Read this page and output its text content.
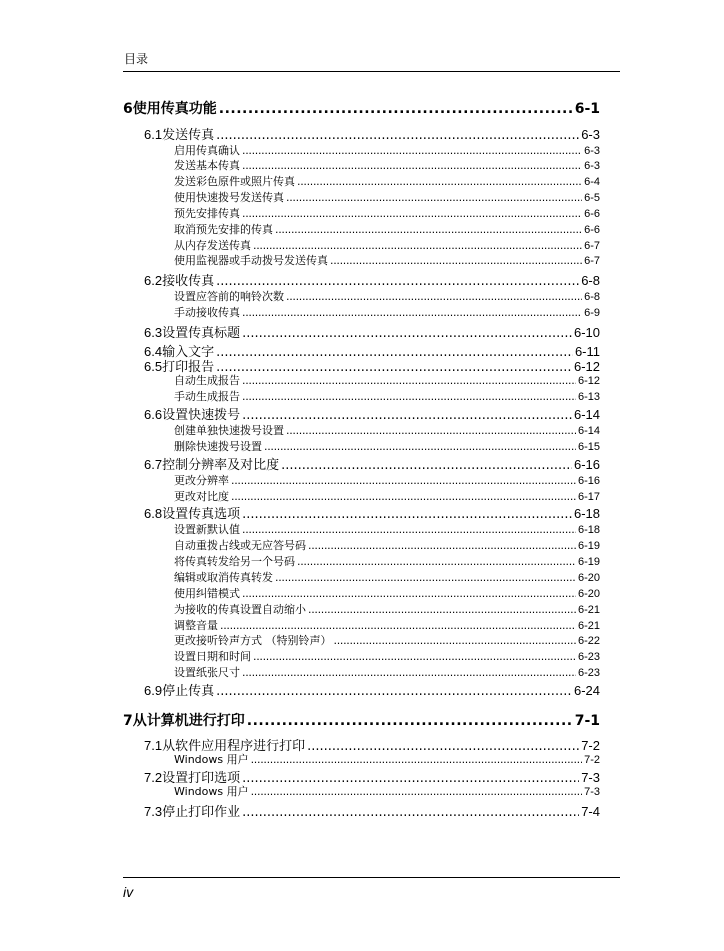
目录
6 使用传真功能 .....	6-1
6.1 发送传真 .....	6-3
启用传真确认 .....	6-3
发送基本传真 .....	6-3
发送彩色原件或照片传真 .....	6-4
使用快速拨号发送传真 .....	6-5
预先安排传真 .....	6-6
取消预先安排的传真 .....	6-6
从内存发送传真 .....	6-7
使用监视器或手动拨号发送传真 .....	6-7
6.2 接收传真 .....	6-8
设置应答前的响铃次数 .....	6-8
手动接收传真 .....	6-9
6.3 设置传真标题 .....	6-10
6.4 输入文字 .....	6-11
6.5 打印报告 .....	6-12
自动生成报告 .....	6-12
手动生成报告 .....	6-13
6.6 设置快速拨号 .....	6-14
创建单独快速拨号设置 .....	6-14
删除快速拨号设置 .....	6-15
6.7 控制分辨率及对比度 .....	6-16
更改分辨率 .....	6-16
更改对比度 .....	6-17
6.8 设置传真选项 .....	6-18
设置新默认值 .....	6-18
自动重拨占线或无应答号码 .....	6-19
将传真转发给另一个号码 .....	6-19
编辑或取消传真转发 .....	6-20
使用纠错模式 .....	6-20
为接收的传真设置自动缩小 .....	6-21
调整音量 .....	6-21
更改接听铃声方式 （特别铃声） .....	6-22
设置日期和时间 .....	6-23
设置纸张尺寸 .....	6-23
6.9 停止传真 .....	6-24
7 从计算机进行打印 .....	7-1
7.1 从软件应用程序进行打印 .....	7-2
Windows 用户 .....	7-2
7.2 设置打印选项 .....	7-3
Windows 用户 .....	7-3
7.3 停止打印作业 .....	7-4
iv
